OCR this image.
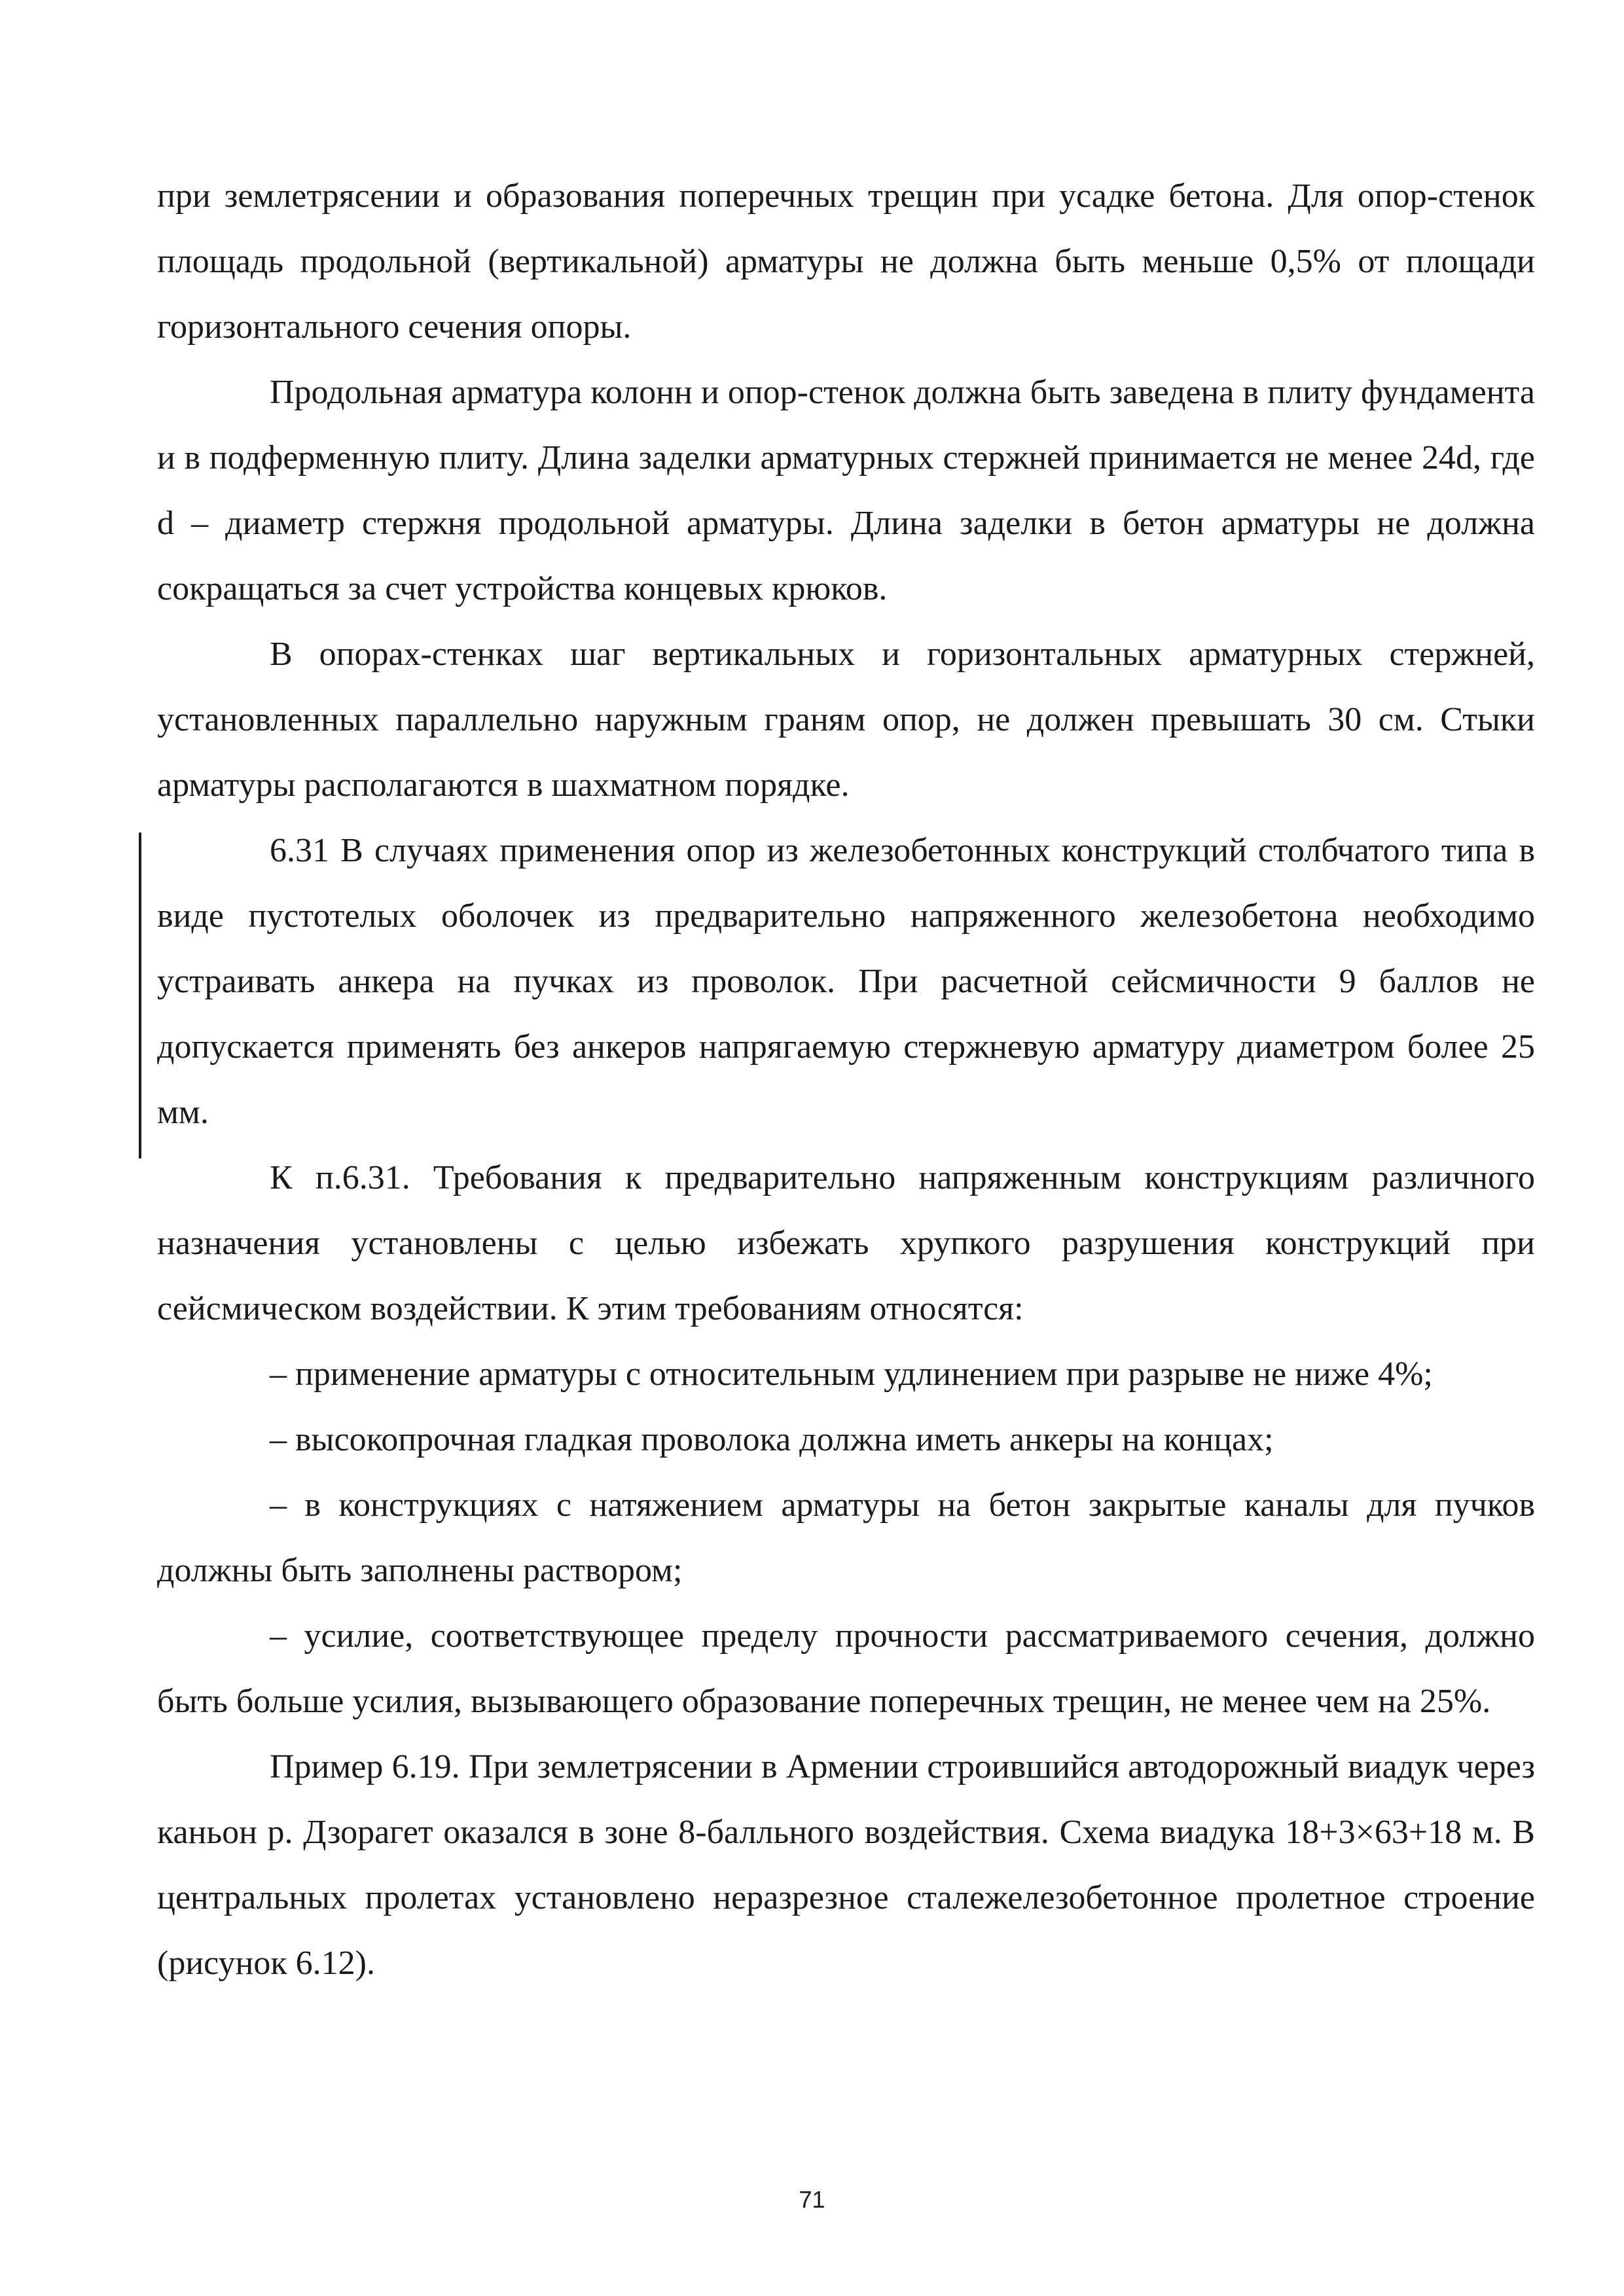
при землетрясении и образования поперечных трещин при усадке бетона. Для опор-стенок площадь продольной (вертикальной) арматуры не должна быть меньше 0,5% от площади горизонтального сечения опоры.

Продольная арматура колонн и опор-стенок должна быть заведена в плиту фундамента и в подферменную плиту. Длина заделки арматурных стержней принимается не менее 24d, где d – диаметр стержня продольной арматуры. Длина заделки в бетон арматуры не должна сокращаться за счет устройства концевых крюков.

В опорах-стенках шаг вертикальных и горизонтальных арматурных стержней, установленных параллельно наружным граням опор, не должен превышать 30 см. Стыки арматуры располагаются в шахматном порядке.

6.31 В случаях применения опор из железобетонных конструкций столбчатого типа в виде пустотелых оболочек из предварительно напряженного железобетона необходимо устраивать анкера на пучках из проволок. При расчетной сейсмичности 9 баллов не допускается применять без анкеров напрягаемую стержневую арматуру диаметром более 25 мм.

К п.6.31. Требования к предварительно напряженным конструкциям различного назначения установлены с целью избежать хрупкого разрушения конструкций при сейсмическом воздействии. К этим требованиям относятся:

– применение арматуры с относительным удлинением при разрыве не ниже 4%;

– высокопрочная гладкая проволока должна иметь анкеры на концах;

– в конструкциях с натяжением арматуры на бетон закрытые каналы для пучков должны быть заполнены раствором;

– усилие, соответствующее пределу прочности рассматриваемого сечения, должно быть больше усилия, вызывающего образование поперечных трещин, не менее чем на 25%.

Пример 6.19. При землетрясении в Армении строившийся автодорожный виадук через каньон р. Дзорагет оказался в зоне 8-балльного воздействия. Схема виадука 18+3×63+18 м. В центральных пролетах установлено неразрезное сталежелезобетонное пролетное строение (рисунок 6.12).

71
